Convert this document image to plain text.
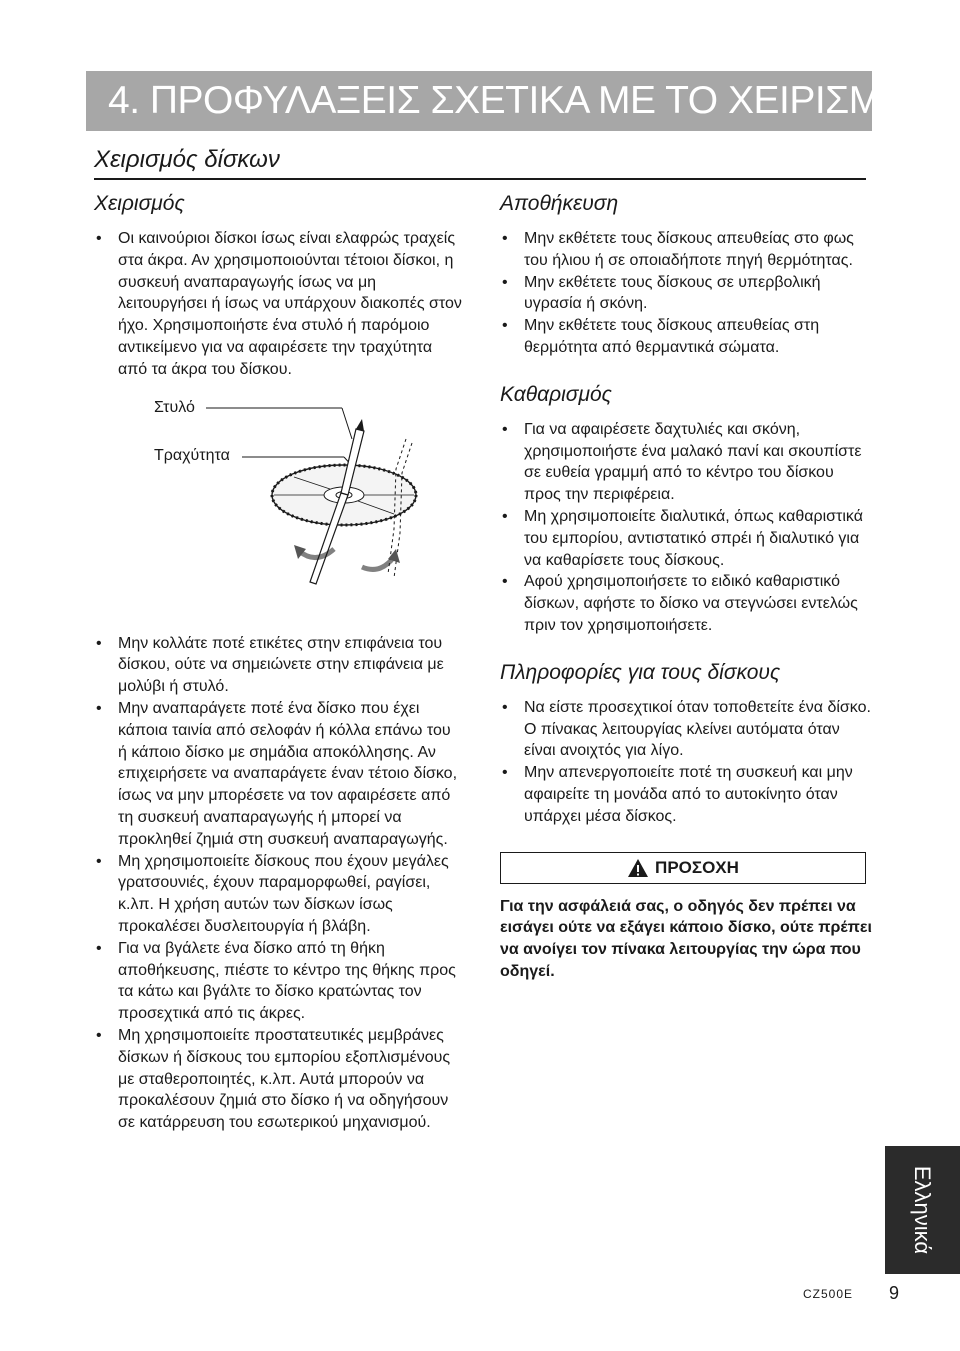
4. ΠΡΟΦΥΛΑΞΕΙΣ ΣΧΕΤΙΚΑ ΜΕ ΤΟ ΧΕΙΡΙΣΜΟ
Χειρισμός δίσκων
Χειρισμός
• Οι καινούριοι δίσκοι ίσως είναι ελαφρώς τραχείς στα άκρα. Αν χρησιμοποιούνται τέτοιοι δίσκοι, η συσκευή αναπαραγωγής ίσως να μη λειτουργήσει ή ίσως να υπάρχουν διακοπές στον ήχο. Χρησιμοποιήστε ένα στυλό ή παρόμοιο αντικείμενο για να αφαιρέσετε την τραχύτητα από τα άκρα του δίσκου.
Στυλό
Τραχύτητα
• Μην κολλάτε ποτέ ετικέτες στην επιφάνεια του δίσκου, ούτε να σημειώνετε στην επιφάνεια με μολύβι ή στυλό.
• Μην αναπαράγετε ποτέ ένα δίσκο που έχει κάποια ταινία από σελοφάν ή κόλλα επάνω του ή κάποιο δίσκο με σημάδια αποκόλλησης. Αν επιχειρήσετε να αναπαράγετε έναν τέτοιο δίσκο, ίσως να μην μπορέσετε να τον αφαιρέσετε από τη συσκευή αναπαραγωγής ή μπορεί να προκληθεί ζημιά στη συσκευή αναπαραγωγής.
• Μη χρησιμοποιείτε δίσκους που έχουν μεγάλες γρατσουνιές, έχουν παραμορφωθεί, ραγίσει, κ.λπ. Η χρήση αυτών των δίσκων ίσως προκαλέσει δυσλειτουργία ή βλάβη.
• Για να βγάλετε ένα δίσκο από τη θήκη αποθήκευσης, πιέστε το κέντρο της θήκης προς τα κάτω και βγάλτε το δίσκο κρατώντας τον προσεχτικά από τις άκρες.
• Μη χρησιμοποιείτε προστατευτικές μεμβράνες δίσκων ή δίσκους του εμπορίου εξοπλισμένους με σταθεροποιητές, κ.λπ. Αυτά μπορούν να προκαλέσουν ζημιά στο δίσκο ή να οδηγήσουν σε κατάρρευση του εσωτερικού μηχανισμού.
Αποθήκευση
• Μην εκθέτετε τους δίσκους απευθείας στο φως του ήλιου ή σε οποιαδήποτε πηγή θερμότητας.
• Μην εκθέτετε τους δίσκους σε υπερβολική υγρασία ή σκόνη.
• Μην εκθέτετε τους δίσκους απευθείας στη θερμότητα από θερμαντικά σώματα.
Καθαρισμός
• Για να αφαιρέσετε δαχτυλιές και σκόνη, χρησιμοποιήστε ένα μαλακό πανί και σκουπίστε σε ευθεία γραμμή από το κέντρο του δίσκου προς την περιφέρεια.
• Μη χρησιμοποιείτε διαλυτικά, όπως καθαριστικά του εμπορίου, αντιστατικό σπρέι ή διαλυτικό για να καθαρίσετε τους δίσκους.
• Αφού χρησιμοποιήσετε το ειδικό καθαριστικό δίσκων, αφήστε το δίσκο να στεγνώσει εντελώς πριν τον χρησιμοποιήσετε.
Πληροφορίες για τους δίσκους
• Να είστε προσεχτικοί όταν τοποθετείτε ένα δίσκο. Ο πίνακας λειτουργίας κλείνει αυτόματα όταν είναι ανοιχτός για λίγο.
• Μην απενεργοποιείτε ποτέ τη συσκευή και μην αφαιρείτε τη μονάδα από το αυτοκίνητο όταν υπάρχει μέσα δίσκος.
ΠΡΟΣΟΧΗ
Για την ασφάλειά σας, ο οδηγός δεν πρέπει να εισάγει ούτε να εξάγει κάποιο δίσκο, ούτε πρέπει να ανοίγει τον πίνακα λειτουργίας την ώρα που οδηγεί.
Ελληνικά
CZ500E 9
